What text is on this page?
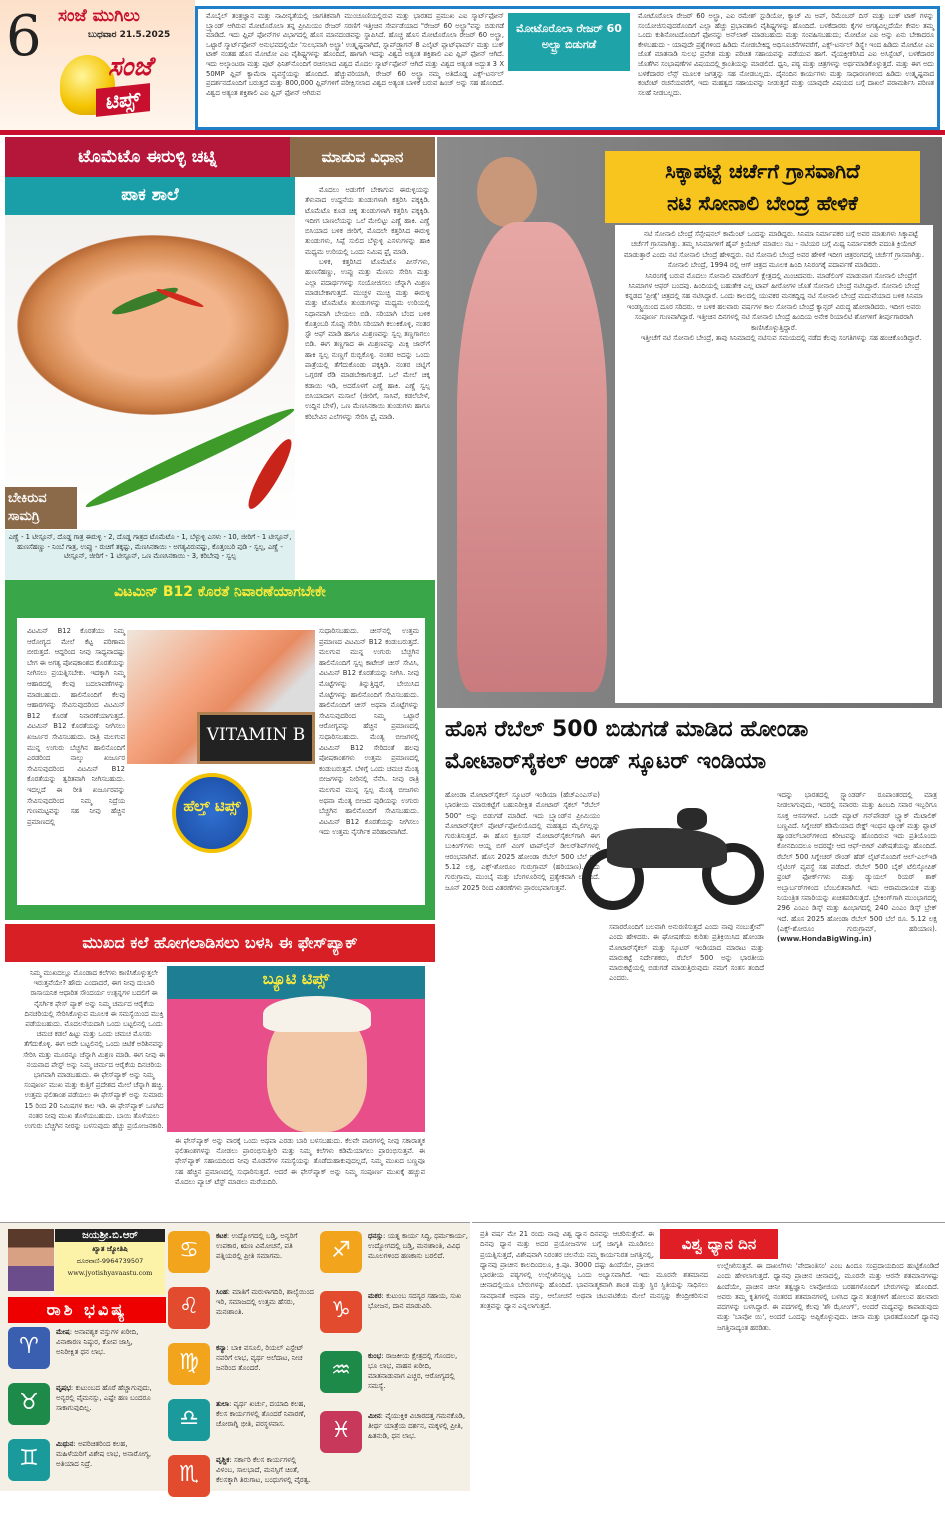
6 ಸಂಜೆ ಮುಗಿಲು
ಬುಧವಾರ 21.5.2025
ಸಂಜೆ
ಟಿಪ್ಸ್
ಮೊಬೈಲ್ ತಂತ್ರಜ್ಞಾನ ಮತ್ತು ನಾವೀನ್ಯತೆಯಲ್ಲಿ ಜಾಗತಿಕವಾಗಿ ಮುಂಚೂಣಿಯಲ್ಲಿರುವ ಮತ್ತು ಭಾರತದ ಪ್ರಮುಖ ಎಐ ಸ್ಮಾರ್ಟ್‌ಫೋನ್ ಬ್ರ್ಯಾಂಡ್ ಆಗಿರುವ ಮೋಟೊರೊಲಾ ತನ್ನ ಪ್ರೀಮಿಯಂ ರೇಜರ್ ಸರಣಿಗೆ ಇತ್ತೀಚಿನ ಸೇರ್ಪಡೆಯಾದ "ರೇಜರ್ 60 ಅಲ್ಟ್ರಾ"ವನ್ನು ಬಿಡುಗಡೆ ಮಾಡಿದೆ. ಇದು ಫ್ಲಿಪ್ ಫೋನ್‌ಗಳ ವಿಭಾಗದಲ್ಲಿ ಹೊಸ ಮಾನದಂಡವನ್ನು ಸ್ಥಾಪಿಸಿದೆ. ಹೊಚ್ಚ ಹೊಸ ಮೋಟೊರೊಲಾ ರೇಜರ್ 60 ಅಲ್ಟ್ರಾ, ಒಟ್ಟಾರೆ ಸ್ಮಾರ್ಟ್‌ಫೋನ್ ಅನುಭವದಲ್ಲಿಯೇ 'ಸುಲಭವಾಗಿ ಅಲ್ಟ್ರಾ' ಉತ್ಕೃಷ್ಟವಾಗಿದೆ, ಸ್ನಾಪ್‌ಡ್ರ್ಯಾಗನ್ 8 ಎಲೈಟ್ ಪ್ಲಾಟ್‌ಫಾರ್ಮ್ ಮತ್ತು ಬುಕ್ ಟಾಕ್ ನಂತಹ ಹೊಸ ಮೋಟೋ ಎಐ ವೈಶಿಷ್ಟ್ಯಗಳನ್ನು ಹೊಂದಿದೆ, ಹಾಗಾಗಿ ಇದನ್ನು ವಿಶ್ವದ ಅತ್ಯಂತ ಶಕ್ತಿಶಾಲಿ ಎಐ ಫ್ಲಿಪ್ ಫೋನ್ ಆಗಿದೆ. ಇದು ಅಲ್ಕಾಂಟರಾ ಮತ್ತು ಪುಟ್ ಫಿನಿಶ್‌ನೊಂದಿಗೆ ರಚಿಸಲಾದ ವಿಶ್ವದ ಮೊದಲ ಸ್ಮಾರ್ಟ್‌ಫೋನ್ ಆಗಿದೆ ಮತ್ತು ವಿಶ್ವದ ಅತ್ಯಂತ ಅದ್ಭುತ 3 X 50MP ಫ್ಲಿಪ್ ಕ್ಯಾಮೆರಾ ವ್ಯವಸ್ಥೆಯನ್ನು ಹೊಂದಿದೆ. ಹೆಚ್ಚುವರಿಯಾಗಿ, ರೇಜರ್ 60 ಅಲ್ಟ್ರಾ ನಮ್ಮ ಅತಿದೊಡ್ಡ ಎಕ್ಸ್-ಟರ್ನಲ್ ಪ್ರದರ್ಶನದೊಂದಿಗೆ ಬರುತ್ತದೆ ಮತ್ತು 800,000 ಫ್ಲಿಪ್‌ಗಳಿಗೆ ಪರೀಕ್ಷಿಸಲಾದ ವಿಶ್ವದ ಅತ್ಯಂತ ಬಾಳಿಕೆ ಬರುವ ಹಿಂಜ್ ಅನ್ನು ಸಹ ಹೊಂದಿದೆ. ವಿಶ್ವದ ಅತ್ಯಂತ ಶಕ್ತಿಶಾಲಿ ಎಐ ಫ್ಲಿಪ್ ಫೋನ್ ಆಗಿರುವ
ಮೋಟೊರೊಲಾ ರೇಜರ್ 60 ಅಲ್ಟ್ರಾ ಬಿಡುಗಡೆ
ಮೋಟೊರೊಲಾ ರೇಜರ್ 60 ಅಲ್ಟ್ರಾ, ಎಐ ರಮೇಶ್ ಸ್ಟುಡಿಯೋ, ಕ್ಯಾಚ್ ಮಿ ಅಪ್, ರಿಮೆಂಬರ್ ದಿಸ್ ಮತ್ತು ಬುಕ್ ಟಾಕ್ ಗಳನ್ನು ಸಂಯೋಜಿಸುವುದರೊಂದಿಗೆ ಎಲ್ಲಾ ಹೆಚ್ಚು ಪ್ರಭಾವಶಾಲಿ ವೈಶಿಷ್ಟ್ಯಗಳನ್ನು ಹೊಂದಿದೆ. ಬಳಕೆದಾರರು ಕೈಗಳ ಅಗತ್ಯವಿಲ್ಲದೆಯೇ ಕೇವಲ ತಮ್ಮ ಒಂದು ಕುಶಿನೋಟದೊಂದಿಗೆ ಫೋನನ್ನು ಅನ್‌ಲಾಕ್ ಮಾಡಬಹುದು ಮತ್ತು ಸಂವಹಿಸಬಹುದು; ಮೋಟೋ ಎಐ ಅನ್ನು ಏನು ಬೇಕಾದರೂ ಕೇಳಬಹುದು - ಯಾವುದೇ ಪ್ರಶ್ನೆಗಳಿಂದ ಹಿಡಿದು ನೋಡಬೇಕಿದ್ದ ಅಧಿಸೂಚನೆಗಳವರೆಗೆ, ಎಕ್ಸ್-ಟರ್ನಲ್ ಡಿಸ್ಪ್ಲೇ ಇಂದ ಹಿಡಿದು ಮೋಟೋ ಎಐ ಜೊತೆ ಮಾತನಾಡಿ ಸುಲಭ ಪ್ರವೇಶ ಮತ್ತು ಪರಿಚಿತ ಸಹಾಯವನ್ನು ಪಡೆಯುವ ಹಾಗೆ. ವೈಯಕ್ತೀಕರಿಸಿದ ಎಐ ಅಸಿಸ್ಟೆಂಟ್, ಬಳಕೆದಾರರ ಜೊತೆಗಿನ ಸಂಭಾಷಣೆಗಳ ವಿಷಯದಲ್ಲಿ ಕ್ರಾಂತಿಯನ್ನು ಮಾಡಲಿದೆ. ಧ್ವನಿ, ಪಠ್ಯ ಮತ್ತು ಚಿತ್ರಗಳನ್ನು ಅರ್ಥಮಾಡಿಕೊಳ್ಳುತ್ತದೆ. ಮತ್ತು ಈಗ ಅದು ಬಳಕೆದಾರರ ಲೆನ್ಸ್ ಮೂಲಕ ಜಗತ್ತನ್ನು ಸಹ ನೋಡಬಲ್ಲದು. ದೈನಂದಿನ ಕಾರ್ಯಗಳು ಮತ್ತು ಸಾಧಾರಣಗಳಿಂದ ಹಿಡಿದು ಉತ್ಕೃಷ್ಟವಾದ ಕಂಟೆಂಟ್ ರಚನೆಯವರೆಗೆ, ಇದು ಮಹತ್ವದ ಸಹಾಯವನ್ನು ನೀಡುತ್ತದೆ ಮತ್ತು ಯಾವುದೇ ವಿಷಯದ ಬಗ್ಗೆ ದಾಖಲೆ ಪರಾಮರ್ಶಿಸಿ ಪರಿಣತ ಸಲಹೆ ನೀಡಬಲ್ಲದು.
ಟೊಮೆಟೊ ಈರುಳ್ಳಿ ಚಟ್ನಿ	ಮಾಡುವ ವಿಧಾನ
ಪಾಕ ಶಾಲೆ
ಬೇಕಿರುವ ಸಾಮಗ್ರಿ
ಎಣ್ಣೆ - 1 ಟೀಸ್ಪೂನ್, ದೊಡ್ಡ ಗಾತ್ರ ಈರುಳ್ಳಿ - 2, ದೊಡ್ಡ ಗಾತ್ರದ ಟೊಮೆಟೊ - 1, ಬೆಳ್ಳುಳ್ಳಿ ಎಸಳು - 10, ಜೀರಿಗೆ - 1 ಟೀಸ್ಪೂನ್, ಹುಣಸೆಹಣ್ಣು - ನಿಂಬೆ ಗಾತ್ರ, ಉಪ್ಪು - ರುಚಿಗೆ ತಕ್ಕಷ್ಟು, ಮೆಣಸಿನಕಾಯಿ - ಅಗತ್ಯವಿರುವಷ್ಟು, ಕೊತ್ತಂಬರಿ ಪುಡಿ - ಸ್ವಲ್ಪ, ಎಣ್ಣೆ - ಟೀಸ್ಪೂನ್, ಜೀರಿಗೆ - 1 ಟೀಸ್ಪೂನ್, ಒಣ ಮೆಣಸಿನಕಾಯಿ - 3, ಕರಿಬೇವು - ಸ್ವಲ್ಪ

ಮೊದಲು ಅಡುಗೆಗೆ ಬೇಕಾಗುವ ಈರುಳ್ಳಿಯನ್ನು ತೆಳುವಾದ ಉದ್ದನೆಯ ತುಂಡುಗಳಾಗಿ ಕತ್ತರಿಸಿ ಪಕ್ಕಕ್ಕಿಡಿ. ಟೊಮೆಟೊ ಕೂಡ ಚಿಕ್ಕ ತುಂಡುಗಳಾಗಿ ಕತ್ತರಿಸಿ ಪಕ್ಕಕ್ಕಿಡಿ. ಇದೀಗ ಬಾಣಲೆಯನ್ನು ಒಲೆ ಮೇಲಿಟ್ಟು ಎಣ್ಣೆ ಹಾಕಿ. ಎಣ್ಣೆ ಬಿಸಿಯಾದ ಬಳಿಕ ಜೀರಿಗೆ, ಮೊದಲೇ ಕತ್ತರಿಸಿದ ಈರುಳ್ಳಿ ತುಂಡುಗಳು, ಸಿಪ್ಪೆ ಸುಲಿದ ಬೆಳ್ಳುಳ್ಳಿ ಎಸಳುಗಳನ್ನು ಹಾಕಿ ಮಧ್ಯಮ ಉರಿಯಲ್ಲಿ ಒಂದು ನಿಮಿಷ ಫ್ರೈ ಮಾಡಿ.

ಬಳಿಕ, ಕತ್ತರಿಸಿದ ಟೊಮೆಟೊ ಪೀಸ್‌ಗಳು, ಹುಣಸೆಹಣ್ಣು, ಉಪ್ಪು ಮತ್ತು ಮೆಣಸು ಸೇರಿಸಿ ಮತ್ತು ಎಲ್ಲಾ ಪದಾರ್ಥಗಳನ್ನು ಸಂಯೋಜಿಸಲು ಚೆನ್ನಾಗಿ ಮಿಶ್ರಣ ಮಾಡಬೇಕಾಗುತ್ತದೆ. ಮುಚ್ಚಳ ಮುಚ್ಚಿ ಮತ್ತು ಈರುಳ್ಳಿ ಮತ್ತು ಟೊಮೆಟೊ ತುಂಡುಗಳನ್ನು ಮಧ್ಯಮ ಉರಿಯಲ್ಲಿ ನಿಧಾನವಾಗಿ ಬೇಯಲು ಬಿಡಿ. ಸರಿಯಾಗಿ ಬೆಂದ ಬಳಿಕ ಕೊತ್ತಂಬರಿ ಸೊಪ್ಪು ಸೇರಿಸಿ ಸರಿಯಾಗಿ ಕಲುಕಿಕೊಳ್ಳಿ, ನಂತರ ಸ್ಟೌ ಆಫ್ ಮಾಡಿ ಹಾಗೂ ಮಿಶ್ರಣವನ್ನು ಸ್ವಲ್ಪ ತಣ್ಣಗಾಗಲು ಬಿಡಿ. ಈಗ ತಣ್ಣಗಾದ ಈ ಮಿಶ್ರಣವನ್ನು ಮಿಕ್ಸಿ ಜಾರ್‌ಗೆ ಹಾಕಿ ಸ್ವಲ್ಪ ನುಣ್ಣಗೆ ರುಬ್ಬಿಕೊಳ್ಳಿ. ನಂತರ ಅದನ್ನು ಒಂದು ಪಾತ್ರೆಯಲ್ಲಿ ತೆಗೆದುಕೊಂಡು ಪಕ್ಕಕ್ಕಿಡಿ. ನಂತರ ಚಟ್ನಿಗೆ ಒಗ್ಗರಣೆ ರೆಡಿ ಮಾಡಬೇಕಾಗುತ್ತದೆ. ಒಲೆ ಮೇಲೆ ಚಿಕ್ಕ ಕಡಾಯಿ ಇಡಿ, ಅದರೊಳಗೆ ಎಣ್ಣೆ ಹಾಕಿ. ಎಣ್ಣೆ ಸ್ವಲ್ಪ ಬಿಸಿಯಾದಾಗ ಮಸಾಲೆ (ಜೀರಿಗೆ, ಸಾಸಿವೆ, ಕಡಲೆಬೇಳೆ, ಉದ್ದಿನ ಬೇಳೆ), ಒಣ ಮೆಣಸಿನಕಾಯಿ ತುಂಡುಗಳು ಹಾಗೂ ಕರಿಬೇವಿನ ಎಲೆಗಳನ್ನು ಸೇರಿಸಿ ಫ್ರೈ ಮಾಡಿ.

ವಿಟಮಿನ್ B12 ಕೊರತೆ ನಿವಾರಣೆಯಾಗಬೇಕೇ
ವಿಟಮಿನ್ B12 ಕೊರತೆಯು ನಿಮ್ಮ ಆರೋಗ್ಯದ ಮೇಲೆ ಕೆಟ್ಟ ಪರಿಣಾಮ ಬೀರುತ್ತದೆ. ಆದ್ದರಿಂದ ನೀವು ಸಾಧ್ಯವಾದಷ್ಟು ಬೇಗ ಈ ಅಗತ್ಯ ಪೋಷಕಾಂಶದ ಕೊರತೆಯನ್ನು ನೀಗಿಸಲು ಪ್ರಯತ್ನಿಸಬೇಕು. ಇದಕ್ಕಾಗಿ ನಿಮ್ಮ ಆಹಾರದಲ್ಲಿ ಕೆಲವು ಬದಲಾವಣೆಗಳನ್ನು ಮಾಡಬಹುದು. ಹಾಲಿನೊಂದಿಗೆ ಕೆಲವು ಆಹಾರಗಳನ್ನು ಸೇವಿಸುವುದರಿಂದ ವಿಟಮಿನ್ B12 ಕೊರತೆ ನಿವಾರಣೆಯಾಗುತ್ತದೆ. ವಿಟಮಿನ್ B12 ಕೊರತೆಯನ್ನು ನೀಗಿಸಲು ಖರ್ಜೂರ ಸೇವಿಸಬಹುದು. ರಾತ್ರಿ ಮಲಗುವ ಮುನ್ನ ಉಗುರು ಬೆಚ್ಚಗಿನ ಹಾಲಿನೊಂದಿಗೆ ಎರಡರಿಂದ ನಾಲ್ಕು ಖರ್ಜೂರ ಸೇವಿಸುವುದರಿಂದ ವಿಟಮಿನ್ B12 ಕೊರತೆಯನ್ನು ತ್ವರಿತವಾಗಿ ನೀಗಿಸಬಹುದು. ಇದಲ್ಲದೆ ಈ ರೀತಿ ಖರ್ಜೂರವನ್ನು ಸೇವಿಸುವುದರಿಂದ ನಿಮ್ಮ ನಿದ್ರೆಯ ಗುಣಮಟ್ಟವನ್ನು ಸಹ ನೀವು ಹೆಚ್ಚಿನ ಪ್ರಮಾಣದಲ್ಲಿ
VITAMIN B
ಹೆಲ್ತ್ ಟಿಪ್ಸ್
ಸುಧಾರಿಸಬಹುದು. ಚೀಸ್‌ನಲ್ಲಿ ಉತ್ತಮ ಪ್ರಮಾಣದ ವಿಟಮಿನ್ B12 ಕಂಡುಬರುತ್ತದೆ. ಮಲಗುವ ಮುನ್ನ ಉಗುರು ಬೆಚ್ಚಗಿನ ಹಾಲಿನೊಂದಿಗೆ ಸ್ವಲ್ಪ ಕಾಟೇಜ್ ಚೀಸ್ ಸೇವಿಸಿ, ವಿಟಮಿನ್ B12 ಕೊರತೆಯನ್ನು ನೀಗಿಸಿ. ನೀವು ಮೊಟ್ಟೆಗಳನ್ನು ತಿನ್ನುತ್ತಿದ್ದರೆ, ಬೇಯಿಸಿದ ಮೊಟ್ಟೆಗಳನ್ನು ಹಾಲಿನೊಂದಿಗೆ ಸೇವಿಸಬಹುದು. ಹಾಲಿನೊಂದಿಗೆ ಚೀಸ್ ಅಥವಾ ಮೊಟ್ಟೆಗಳನ್ನು ಸೇವಿಸುವುದರಿಂದ ನಿಮ್ಮ ಒಟ್ಟಾರೆ ಆರೋಗ್ಯವನ್ನು ಹೆಚ್ಚಿನ ಪ್ರಮಾಣದಲ್ಲಿ ಸುಧಾರಿಸಬಹುದು. ಮೆಂತ್ಯ ಬೀಜಗಳಲ್ಲಿ ವಿಟಮಿನ್ B12 ಸೇರಿದಂತೆ ಹಲವು ಪೋಷಕಾಂಶಗಳು ಉತ್ತಮ ಪ್ರಮಾಣದಲ್ಲಿ ಕಂಡುಬರುತ್ತವೆ. ಬೆಳಿಗ್ಗೆ ಒಂದು ಚಮಚ ಮೆಂತ್ಯ ಬೀಜಗಳನ್ನು ನೀರಿನಲ್ಲಿ ನೆನೆಸಿ. ನೀವು ರಾತ್ರಿ ಮಲಗುವ ಮುನ್ನ ಸ್ವಲ್ಪ ಮೆಂತ್ಯ ಬೀಜಗಳು ಅಥವಾ ಮೆಂತ್ಯ ಬೀಜದ ಪುಡಿಯನ್ನು ಉಗುರು ಬೆಚ್ಚಗಿನ ಹಾಲಿನೊಂದಿಗೆ ಸೇವಿಸಬಹುದು. ವಿಟಮಿನ್ B12 ಕೊರತೆಯನ್ನು ನೀಗಿಸಲು ಇದು ಉತ್ತಮ ನೈಸರ್ಗಿಕ ಪರಿಹಾರವಾಗಿದೆ.
ಮುಖದ ಕಲೆ ಹೋಗಲಾಡಿಸಲು ಬಳಸಿ ಈ ಫೇಸ್‌ಪ್ಯಾಕ್
ನಿಮ್ಮ ಮುಖದಲ್ಲೂ ಮೊಂಡಾದ ಕಲೆಗಳು ಕಾಣಿಸಿಕೊಳ್ಳುತ್ತಲೇ ಇರುತ್ತವೆಯೇ? ಹೌದು ಎಂದಾದರೆ, ಈಗ ನೀವು ದುಬಾರಿ ರಾಸಾಯನಿಕ ಆಧಾರಿತ ಸೌಂದರ್ಯ ಉತ್ಪನ್ನಗಳ ಬದಲಿಗೆ ಈ ನೈಸರ್ಗಿಕ ಫೇಸ್ ಪ್ಯಾಕ್ ಅನ್ನು ನಿಮ್ಮ ಚರ್ಮದ ಆರೈಕೆಯ ದಿನಚರಿಯಲ್ಲಿ ಸೇರಿಸಿಕೊಳ್ಳುವ ಮೂಲಕ ಈ ಸಮಸ್ಯೆಯಿಂದ ಮುಕ್ತಿ ಪಡೆಯಬಹುದು. ಮೊದಲನೆಯದಾಗಿ ಒಂದು ಬಟ್ಟಲಿನಲ್ಲಿ ಒಂದು ಚಮಚ ಕಡಲೆ ಹಿಟ್ಟು ಮತ್ತು ಒಂದು ಚಮಚ ಮೊಸರು ತೆಗೆದುಕೊಳ್ಳಿ. ಈಗ ಅದೇ ಬಟ್ಟಲಿನಲ್ಲಿ ಒಂದು ಚಿಟಿಕೆ ಅರಿಶಿನವನ್ನು ಸೇರಿಸಿ ಮತ್ತು ಮೂರನ್ನೂ ಚೆನ್ನಾಗಿ ಮಿಶ್ರಣ ಮಾಡಿ. ಈಗ ನೀವು ಈ ನಯವಾದ ಪೇಸ್ಟ್ ಅನ್ನು ನಿಮ್ಮ ಚರ್ಮದ ಆರೈಕೆಯ ದಿನಚರಿಯ ಭಾಗವಾಗಿ ಮಾಡಬಹುದು. ಈ ಫೇಸ್‌ಪ್ಯಾಕ್ ಅನ್ನು ನಿಮ್ಮ ಸಂಪೂರ್ಣ ಮುಖ ಮತ್ತು ಕುತ್ತಿಗೆ ಪ್ರದೇಶದ ಮೇಲೆ ಚೆನ್ನಾಗಿ ಹಚ್ಚಿ. ಉತ್ತಮ ಫಲಿತಾಂಶ ಪಡೆಯಲು ಈ ಫೇಸ್‌ಪ್ಯಾಕ್ ಅನ್ನು ಸುಮಾರು 15 ರಿಂದ 20 ನಿಮಿಷಗಳ ಕಾಲ ಇಡಿ. ಈ ಫೇಸ್‌ಪ್ಯಾಕ್ ಒಣಗಿದ ನಂತರ ನೀವು ಮುಖ ತೊಳೆಯಬಹುದು. ಬಾಯಿ ತೊಳೆಯಲು ಉಗುರು ಬೆಚ್ಚಗಿನ ನೀರನ್ನು ಬಳಸುವುದು ಹೆಚ್ಚು ಪ್ರಯೋಜನಕಾರಿ.
ಬ್ಯೂಟಿ ಟಿಪ್ಸ್
ಈ ಫೇಸ್‌ಪ್ಯಾಕ್ ಅನ್ನು ವಾರಕ್ಕೆ ಒಂದು ಅಥವಾ ಎರಡು ಬಾರಿ ಬಳಸಬಹುದು. ಕೆಲವೇ ವಾರಗಳಲ್ಲಿ ನೀವು ಸಕಾರಾತ್ಮಕ ಫಲಿತಾಂಶಗಳನ್ನು ನೋಡಲು ಪ್ರಾರಂಭಿಸುತ್ತೀರಿ ಮತ್ತು ನಿಮ್ಮ ಕಲೆಗಳು ಕಡಿಮೆಯಾಗಲು ಪ್ರಾರಂಭಿಸುತ್ತವೆ. ಈ ಫೇಸ್‌ಪ್ಯಾಕ್ ಸಹಾಯದಿಂದ ನೀವು ಮೊಡವೆಗಳ ಸಮಸ್ಯೆಯನ್ನು ತೊಡೆದುಹಾಕುವುದಲ್ಲದೆ, ನಿಮ್ಮ ಮುಖದ ಬಣ್ಣವೂ ಸಹ ಹೆಚ್ಚಿನ ಪ್ರಮಾಣದಲ್ಲಿ ಸುಧಾರಿಸುತ್ತದೆ. ಆದರೆ ಈ ಫೇಸ್‌ಪ್ಯಾಕ್ ಅನ್ನು ನಿಮ್ಮ ಸಂಪೂರ್ಣ ಮುಖಕ್ಕೆ ಹಚ್ಚುವ ಮೊದಲು ಪ್ಯಾಚ್ ಟೆಸ್ಟ್ ಮಾಡಲು ಮರೆಯದಿರಿ.
ಸಿಕ್ಕಾಪಟ್ಟೆ ಚರ್ಚೆಗೆ ಗ್ರಾಸವಾಗಿದೆ
ನಟಿ ಸೋನಾಲಿ ಬೇಂದ್ರೆ ಹೇಳಿಕೆ

ನಟಿ ಸೋನಾಲಿ ಬೇಂದ್ರೆ ಸೆನ್ಸೇಷನಲ್ ಕಾಮೆಂಟ್ ಒಂದನ್ನು ಮಾಡಿದ್ದರು. ಸಿನಿಮಾ ನಿರ್ಮಾಪಕರ ಬಗ್ಗೆ ಅವರ ಮಾತುಗಳು ಸಿಕ್ಕಾಪಟ್ಟೆ ಚರ್ಚೆಗೆ ಗ್ರಾಸವಾಗಿತ್ತು. ತಮ್ಮ ಸಿನಿಮಾಗಳಿಗೆ ಹೈಪ್ ಕ್ರಿಯೇಟ್ ಮಾಡಲು ನಟ - ನಟಿಯರ ಬಗ್ಗೆ ಮಿಥ್ಯ ನಿರ್ಮಾಪಕರೇ ವದಂತಿ ಕ್ರಿಯೇಟ್ ಮಾಡುತ್ತಾರೆ ಎಂದು ನಟಿ ಸೋನಾಲಿ ಬೇಂದ್ರೆ ಹೇಳಿದ್ದರು. ನಟಿ ಸೋನಾಲಿ ಬೇಂದ್ರೆ ಅವರ ಹೇಳಿಕೆ ಇದೀಗ ಚಿತ್ರರಂಗದಲ್ಲಿ ಚರ್ಚೆಗೆ ಗ್ರಾಸವಾಗಿತ್ತು. ಸೋನಾಲಿ ಬೇಂದ್ರೆ, 1994 ರಲ್ಲಿ ಆಗ್ ಚಿತ್ರದ ಮೂಲಕ ಹಿಂದಿ ಸಿನಿರಂಗಕ್ಕೆ ಪದಾರ್ಪಣೆ ಮಾಡಿದರು.

ಸಿನಿರಂಗಕ್ಕೆ ಬರುವ ಮೊದಲು ಸೋನಾಲಿ ಮಾಡೆಲಿಂಗ್ ಕ್ಷೇತ್ರದಲ್ಲಿ ಮಿಂಚಿದವರು. ಮಾಡೆಲಿಂಗ್ ಮಾಡುವಾಗ ಸೋನಾಲಿ ಬೇಂದ್ರೆಗೆ ಸಿನಿಮಾಗಳ ಆಫರ್ ಬಂದವು. ಹಿಂದಿಯಲ್ಲಿ ಬಹುತೇಕ ಎಲ್ಲ ಟಾಪ್ ಹೀರೋಗಳ ಜೊತೆ ಸೋನಾಲಿ ಬೇಂದ್ರೆ ನಟಿಸಿದ್ದಾರೆ. ಸೋನಾಲಿ ಬೇಂದ್ರೆ ಕನ್ನಡದ 'ಪ್ರೀತ್ಸೆ' ಚಿತ್ರದಲ್ಲಿ ಸಹ ನಟಿಸಿದ್ದಾರೆ. ಒಂದು ಕಾಲದಲ್ಲಿ ಯುವಕರ ಮನಕದ್ದಿದ್ದ ನಟಿ ಸೋನಾಲಿ ಬೇಂದ್ರೆ ಮದುವೆಯಾದ ಬಳಿಕ ಸಿನಿಮಾ ಇಂಡಸ್ಟ್ರಿಯಿಂದ ದೂರ ಸರಿದರು. ಆ ಬಳಿಕ ಹಲವಾರು ವರ್ಷಗಳ ಕಾಲ ಸೋನಾಲಿ ಬೇಂದ್ರೆ ಕ್ಯಾನ್ಸರ್ ವಿರುದ್ಧ ಹೋರಾಡಿದರು. ಇದೀಗ ಅವರು ಸಂಪೂರ್ಣ ಗುಣವಾಗಿದ್ದಾರೆ. ಇತ್ತೀಚಿನ ದಿನಗಳಲ್ಲಿ ನಟಿ ಸೋನಾಲಿ ಬೇಂದ್ರೆ ಹಿಂದಿಯ ಅನೇಕ ರಿಯಾಲಿಟಿ ಶೋಗಳಿಗೆ ತೀರ್ಪುಗಾರರಾಗಿ ಕಾಣಿಸಿಕೊಳ್ಳುತ್ತಿದ್ದಾರೆ.

ಇತ್ತೀಚೆಗೆ ನಟಿ ಸೋನಾಲಿ ಬೇಂದ್ರೆ, ತಾವು ಸಿನಿಮಾದಲ್ಲಿ ನಟಿಸುವ ಸಮಯದಲ್ಲಿ ನಡೆದ ಕೆಲವು ಸಂಗತಿಗಳನ್ನು ಸಹ ಹಂಚಿಕೊಂಡಿದ್ದಾರೆ.

ಹೊಸ ರೆಬೆಲ್ 500 ಬಿಡುಗಡೆ ಮಾಡಿದ ಹೋಂಡಾ
ಮೋಟಾರ್‌ಸೈಕಲ್ ಆಂಡ್ ಸ್ಕೂಟರ್ ಇಂಡಿಯಾ
ಹೋಂಡಾ ಮೋಟಾರ್‌ಸೈಕಲ್ ಸ್ಕೂಟರ್ ಇಂಡಿಯಾ (ಹೆಚ್‌ಎಂಎಸ್‌ಐ) ಭಾರತೀಯ ಮಾರುಕಟ್ಟೆಗೆ ಬಹುನಿರೀಕ್ಷಿತ ಮೋಟಾರ್ ಸೈಕಲ್ "ರೆಬೆಲ್ 500" ಅನ್ನು ಬಿಡುಗಡೆ ಮಾಡಿದೆ. ಇದು ಬ್ರ್ಯಾಂಡ್‌ನ ಪ್ರೀಮಿಯಂ ಮೋಟಾರ್‌ಸೈಕಲ್ ಪೋರ್ಟ್‌ಫೋಲಿಯೊದಲ್ಲಿ ಮಹತ್ವದ ಮೈಲಿಗಲ್ಲನ್ನು ಗುರುತಿಸುತ್ತದೆ. ಈ ಹೊಸ ಕ್ರೂಸರ್ ಮೋಟಾರ್‌ಸೈಕಲ್‌ಗಾಗಿ ಈಗ ಬುಕಿಂಗ್‌ಗಳು ಆಯ್ದ ಬಿಗ್ ವಿಂಗ್ ಟಾಪ್‌ಲೈನ್ ಡೀಲರ್‌ಶಿಪ್‌ಗಳಲ್ಲಿ ಆರಂಭವಾಗಿವೆ. ಹೊಸ 2025 ಹೋಂಡಾ ರೆಬೆಲ್ 500 ಬೆಲೆ ರೂ. 5.12 ಲಕ್ಷ, ಎಕ್ಸ್-ಶೋರೂಂ ಗುರುಗ್ರಾಮ್ (ಹರಿಯಾಣ). ಇದು ಗುರುಗ್ರಾಮ, ಮುಂಬೈ ಮತ್ತು ಬೆಂಗಳೂರಿನಲ್ಲಿ ಪ್ರತ್ಯೇಕವಾಗಿ ಲಭ್ಯವಿದೆ. ಜೂನ್ 2025 ರಿಂದ ವಿತರಣೆಗಳು ಪ್ರಾರಂಭವಾಗುತ್ತವೆ.
ಸವಾರರೊಂದಿಗೆ ಬಲವಾಗಿ ಅನುರಣಿಸುತ್ತದೆ ಎಂದು ನಾವು ನಂಬುತ್ತೇವೆ" ಎಂದು ಹೇಳಿದರು. ಈ ಘೋಷಣೆಯ ಕುರಿತು ಪ್ರತಿಕ್ರಿಯಿಸಿದ ಹೋಂಡಾ ಮೋಟಾರ್‌ಸೈಕಲ್ ಮತ್ತು ಸ್ಕೂಟರ್ ಇಂಡಿಯಾದ ಮಾರಾಟ ಮತ್ತು ಮಾರುಕಟ್ಟೆ ನಿರ್ದೇಶಕರು, ರೆಬೆಲ್ 500 ಅನ್ನು ಭಾರತೀಯ ಮಾರುಕಟ್ಟೆಯಲ್ಲಿ ಬಿಡುಗಡೆ ಮಾಡುತ್ತಿರುವುದು ನಮಗೆ ಸಂತಸ ತಂದಿದೆ ಎಂದರು.
ಇದನ್ನು ಭಾರತದಲ್ಲಿ ಸ್ಟ್ಯಾಂಡರ್ಡ್ ರೂಪಾಂತರದಲ್ಲಿ ಮಾತ್ರ ನೀಡಲಾಗುವುದು, ಇದರಲ್ಲಿ ಸವಾರರು ಮತ್ತು ಹಿಂಬದಿ ಸವಾರ ಇಬ್ಬರಿಗೂ ಸೂಕ್ತ ಆಸನಗಳಿವೆ. ಒಂದೇ ಮ್ಯಾಟ್ ಗನ್‌ಪೌಡರ್ ಬ್ಲ್ಯಾಕ್ ಮೆಟಾಲಿಕ್ ಬಣ್ಣವಿದೆ. ಸಿಗ್ನೇಚರ್ ಕಡಿಮೆಯಾದ ರೇಕ್ಡ್ ಇಂಧನ ಟ್ಯಾಂಕ್ ಮತ್ತು ಫ್ಲಾಟ್ ಹ್ಯಾಂಡಲ್‌ಬಾರ್‌ಗಳಿಂದ ಕಿರೀಟವನ್ನು ಹೊಂದಿರುವ ಇದು ಪ್ರತಿಯೊಂದು ಕೋನದಿಂದಲೂ ಅದರದ್ದೇ ಆದ ಆಫ್-ಬೀಟ್ ವಿಶೇಷತೆಯನ್ನು ಹೊಂದಿದೆ. ರೆಬೆಲ್ 500 ಸಿಗ್ನೇಚರ್ ರೌಂಡ್ ಹೆಡ್ ಲೈಟ್‌ನೊಂದಿಗೆ ಆಲ್-ಎಲ್‌ಇಡಿ ಲೈಟಿಂಗ್ ವ್ಯವಸ್ಥೆ ಸಹ ಪಡೆದಿದೆ. ರೆಬೆಲ್ 500 ಬೈಕ್ ಟೆಲಿಸ್ಕೋಪಿಕ್ ಫ್ರಂಟ್ ಫೋರ್ಕ್‌ಗಳು ಮತ್ತು ಡ್ಯುಯಲ್ ರಿಯರ್ ಶಾಕ್ ಅಬ್ಸಾರ್ಬರ್‌ಗಳಿಂದ ಬೆಂಬಲಿತವಾಗಿದೆ. ಇದು ಆರಾಮದಾಯಕ ಮತ್ತು ನಿಯಂತ್ರಿತ ಸವಾರಿಯನ್ನು ಖಚಿತಪಡಿಸುತ್ತದೆ. ಬ್ರೇಕಿಂಗ್‌ಗಾಗಿ ಮುಂಭಾಗದಲ್ಲಿ 296 ಎಂಎಂ ಡಿಸ್ಕ್ ಮತ್ತು ಹಿಂಭಾಗದಲ್ಲಿ 240 ಎಂಎಂ ಡಿಸ್ಕ್ ಬ್ರೇಕ್ ಇದೆ. ಹೊಸ 2025 ಹೋಂಡಾ ರೆಬೆಲ್ 500 ಬೆಲೆ ರೂ. 5.12 ಲಕ್ಷ (ಎಕ್ಸ್-ಶೋರೂಂ ಗುರುಗ್ರಾಮ್, ಹರಿಯಾಣ). (www.HondaBigWing.in)
ಜಯಶ್ರೀ.ಬಿ.ಆರ್
ಖ್ಯಾತ ಜ್ಯೋತಿಷಿ
ದೂರವಾಣಿ-9964739507
www.jyotishyavaastu.com
ರಾಶಿ ಭವಿಷ್ಯ
♈
ಮೇಷ: ಅನಾವಶ್ಯಕ ವಸ್ತುಗಳ ಖರೀದಿ, ವಿನಾಕಾರಣ ನಿಷ್ಠುರ, ಕೋಪ ಜಾಸ್ತಿ, ಅನಿರೀಕ್ಷಿತ ಧನ ಲಾಭ.
♉
ವೃಷಭ: ಕುಟುಂಬದ ಹೊರೆ ಹೆಚ್ಚಾಗುವುದು, ಅನ್ಯರಲ್ಲಿ ವೈಮನಸ್ಸು, ಎಷ್ಟೇ ಹಣ ಬಂದರೂ ಸಾಕಾಗುವುದಿಲ್ಲ.
♊
ಮಿಥುನ: ಅಪರಿಚಿತರಿಂದ ಕಲಹ, ಮಹಿಳೆಯರಿಗೆ ವಿಶೇಷ ಲಾಭ, ಅನಾರೋಗ್ಯ, ಅತಿಯಾದ ನಿದ್ರೆ.
♋
ಕಟಕ: ಉದ್ಯೋಗದಲ್ಲಿ ಬಡ್ತಿ, ಅನ್ಯರಿಗೆ ಉಪಕಾರ, ಋಣ ವಿಮೋಚನೆ, ಪತಿ ಪತ್ನಿಯರಲ್ಲಿ ಪ್ರೀತಿ ಸಮಾಗಮ.
♌
ಸಿಂಹ: ಮಾತಿಗೆ ಮರುಳಾಗದಿರಿ, ಶಾಲ್ಯೆಯಿಂದ ಇರಿ, ಸಮಾಜದಲ್ಲಿ ಉತ್ತಮ ಹೆಸರು, ಮನಃಶಾಂತಿ.
♍
ಕನ್ಯಾ: ಬಾಕಿ ವಸೂಲಿ, ರಿಯಲ್ ಎಸ್ಟೇಟ್ ನವರಿಗೆ ಲಾಭ, ವ್ಯರ್ಥ ಅಲೆದಾಟ, ನೀಚ ಜನರಿಂದ ತೊಂದರೆ.
♎
ತುಲಾ: ವ್ಯರ್ಥ ಖರ್ಚು, ದಯಾದಿ ಕಲಹ, ಕೆಲಸ ಕಾರ್ಯಗಳಲ್ಲಿ ತೊಂದರೆ ನಿವಾರಣೆ, ಚೋರಾಗ್ನಿ ಭೀತಿ, ಪರಸ್ಥಳವಾಸ.
♏
ವೃಶ್ಚಿಕ: ಸರ್ಕಾರಿ ಕೆಲಸ ಕಾರ್ಯಗಳಲ್ಲಿ ವಿಳಂಬ, ಸಾಲಭಾದೆ, ಮನಸ್ಸಿಗೆ ಚಿಂತೆ, ಕೆಲಸಕ್ಕಾಗಿ ತಿರುಗಾಟ, ಬಂಧುಗಳಲ್ಲಿ ವೈರತ್ವ.
♐
ಧನಸ್ಸು: ಯತ್ನ ಕಾರ್ಯ ಸಿದ್ಧಿ, ಧರ್ಮಕಾರ್ಯ, ಉದ್ಯೋಗದಲ್ಲಿ ಬಡ್ತಿ, ಮನಃಶಾಂತಿ, ವಿವಿಧ ಮೂಲಗಳಿಂದ ಹಣಕಾಸು ಬರಲಿದೆ.
♑
ಮಕರ: ಕುಟುಂಬ ಸದಸ್ಯರ ಸಹಾಯ, ಸುಖ ಭೋಜನ, ದಾನ ಮಾಡುವಿರಿ.
♒
ಕುಂಭ: ರಾಜಕೀಯ ಕ್ಷೇತ್ರದಲ್ಲಿ ಗೊಂದಲ, ಭೂ ಲಾಭ, ವಾಹನ ಖರೀದಿ, ಮಾತನಾಡುವಾಗ ಎಚ್ಚರ, ಆರೋಗ್ಯದಲ್ಲಿ ಸಮಸ್ಯೆ.
♓
ಮೀನ: ವೈಯುಕ್ತಿಕ ವಿಚಾರದತ್ತ ಗಮನಕೊಡಿ, ತೀರ್ಥ ಯಾತ್ರೆಯ ದರ್ಶನ, ಮಕ್ಕಳಲ್ಲಿ ಪ್ರೀತಿ, ಹಿತನುಡಿ, ಧನ ಲಾಭ.
ಪ್ರತಿ ವರ್ಷ ಮೇ 21 ರಂದು ನಾವು ವಿಶ್ವ ಧ್ಯಾನ ದಿನವನ್ನು ಆಚರಿಸುತ್ತೇವೆ. ಈ ದಿನವು ಧ್ಯಾನ ಮತ್ತು ಅದರ ಪ್ರಯೋಜನಗಳ ಬಗ್ಗೆ ಜಾಗೃತಿ ಮೂಡಿಸಲು ಪ್ರಯತ್ನಿಸುತ್ತದೆ, ವಿಶೇಷವಾಗಿ ನಿರಂತರ ಚಲನೆಯ ನಮ್ಮ ಕಾರ್ಯನಿರತ ಜಗತ್ತಿನಲ್ಲಿ, ಧ್ಯಾನವು ಪ್ರಾಚೀನ ಕಾಲದಿಂದಲೂ, ಕ್ರಿ.ಪೂ. 3000 ದಷ್ಟು ಹಿಂದೆಯೇ, ಪ್ರಾಚೀನ ಭಾರತೀಯ ಪಠ್ಯಗಳಲ್ಲಿ ಉಲ್ಲೇಖಿಸಲ್ಪಟ್ಟ ಒಂದು ಅಭ್ಯಾಸವಾಗಿದೆ. ಇದು ಮೂರನೇ ಶತಮಾನದ ಚೀನಾದಲ್ಲಿಯೂ ಬೇರುಗಳನ್ನು ಹೊಂದಿದೆ. ಭಾವನಾತ್ಮಕವಾಗಿ ಶಾಂತ ಮತ್ತು ಸ್ಥಿರ ಸ್ಥಿತಿಯನ್ನು ಸಾಧಿಸಲು ಸಾವಧಾನತೆ ಅಥವಾ ವಸ್ತು, ಆಲೋಚನೆ ಅಥವಾ ಚಟುವಟಿಕೆಯ ಮೇಲೆ ಮನಸ್ಸನ್ನು ಕೇಂದ್ರೀಕರಿಸುವ ತಂತ್ರವನ್ನು ಧ್ಯಾನ ಎನ್ನಲಾಗುತ್ತದೆ.
ವಿಶ್ವ ಧ್ಯಾನ ದಿನ
ಉಲ್ಲೇಖಿಸುತ್ತವೆ. ಈ ದಾಖಲೆಗಳು 'ವೇದಾಂತಿಸಂ' ಎಂಬ ಹಿಂದೂ ಸಂಪ್ರದಾಯದಿಂದ ಹುಟ್ಟಿಕೊಂಡಿದೆ ಎಂದು ಹೇಳಲಾಗುತ್ತದೆ. ಧ್ಯಾನವು ಪ್ರಾಚೀನ ಚೀನಾದಲ್ಲಿ, ಮೂರನೇ ಮತ್ತು ಆರನೇ ಶತಮಾನಗಳಷ್ಟು ಹಿಂದೆಯೇ, ಪ್ರಾಚೀನ ಚೀನೀ ತತ್ವಜ್ಞಾನಿ ಲಾವೋಜಿಯ ಬರಹಗಳೊಂದಿಗೆ ಬೇರುಗಳನ್ನು ಹೊಂದಿದೆ. ಅವರು ತಮ್ಮ ಕೃತಿಗಳಲ್ಲಿ ನಂತರದ ಶತಮಾನಗಳಲ್ಲಿ ಬಳಸಿದ ಧ್ಯಾನ ತಂತ್ರಗಳಿಗೆ ಹೋಲುವ ಹಲವಾರು ಪದಗಳನ್ನು ಬಳಸಿದ್ದಾರೆ. ಈ ಪದಗಳಲ್ಲಿ ಕೆಲವು 'ಶೌ ಝೋಂಗ್', ಅಂದರೆ ಮಧ್ಯವನ್ನು ಕಾಪಾಡುವುದು ಮತ್ತು 'ಬಾವೋ ಯಿ', ಅಂದರೆ ಒಂದನ್ನು ಅಪ್ಪಿಕೊಳ್ಳುವುದು. ಚೀನಾ ಮತ್ತು ಭಾರತದೊಂದಿಗೆ ಧ್ಯಾನವು ಜಗತ್ತಿನಾದ್ಯಂತ ಹರಡಿತು.
